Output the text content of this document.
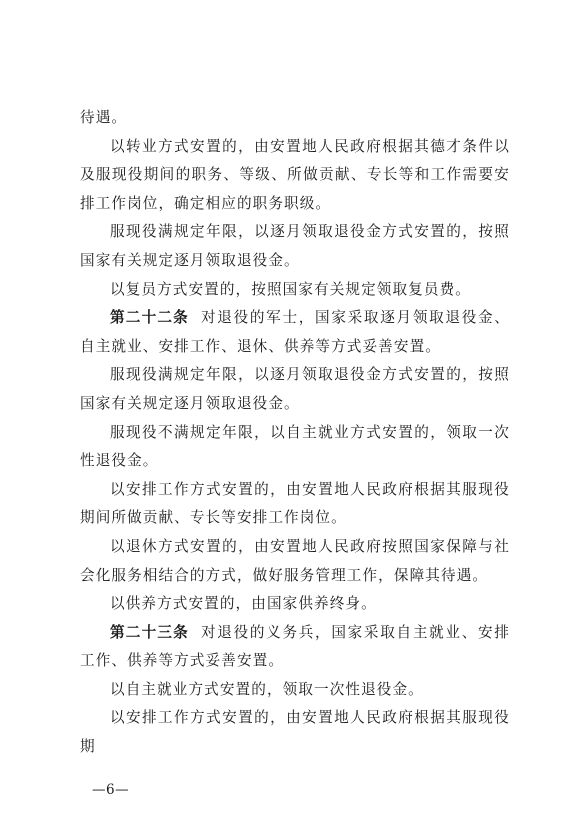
待遇。

以转业方式安置的，由安置地人民政府根据其德才条件以及服现役期间的职务、等级、所做贡献、专长等和工作需要安排工作岗位，确定相应的职务职级。

服现役满规定年限，以逐月领取退役金方式安置的，按照国家有关规定逐月领取退役金。

以复员方式安置的，按照国家有关规定领取复员费。

第二十二条 对退役的军士，国家采取逐月领取退役金、自主就业、安排工作、退休、供养等方式妥善安置。

服现役满规定年限，以逐月领取退役金方式安置的，按照国家有关规定逐月领取退役金。

服现役不满规定年限，以自主就业方式安置的，领取一次性退役金。

以安排工作方式安置的，由安置地人民政府根据其服现役期间所做贡献、专长等安排工作岗位。

以退休方式安置的，由安置地人民政府按照国家保障与社会化服务相结合的方式，做好服务管理工作，保障其待遇。

以供养方式安置的，由国家供养终身。

第二十三条 对退役的义务兵，国家采取自主就业、安排工作、供养等方式妥善安置。

以自主就业方式安置的，领取一次性退役金。

以安排工作方式安置的，由安置地人民政府根据其服现役期

—6—
